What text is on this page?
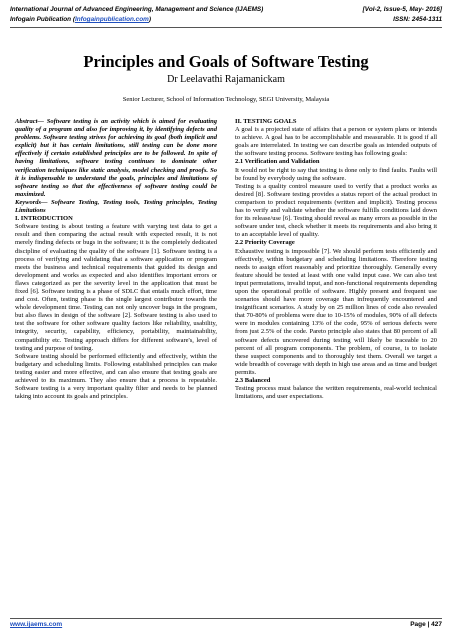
International Journal of Advanced Engineering, Management and Science (IJAEMS)	[Vol-2, Issue-5, May- 2016]
Infogain Publication (Infogainpublication.com)	ISSN: 2454-1311
Principles and Goals of Software Testing
Dr Leelavathi Rajamanickam
Senior Lecturer, School of Information Technology, SEGI University, Malaysia

Abstract— Software testing is an activity which is aimed for evaluating quality of a program and also for improving it, by identifying defects and problems. Software testing strives for achieving its goal (both implicit and explicit) but it has certain limitations, still testing can be done more effectively if certain established principles are to be followed. In spite of having limitations, software testing continues to dominate other verification techniques like static analysis, model checking and proofs. So it is indispensable to understand the goals, principles and limitations of software testing so that the effectiveness of software testing could be maximized.

Keywords— Software Testing, Testing tools, Testing principles, Testing Limitations

I. INTRODUCTION

Software testing is about testing a feature with varying test data to get a result and then comparing the actual result with expected result, it is not merely finding defects or bugs in the software; it is the completely dedicated discipline of evaluating the quality of the software [1]. Software testing is a process of verifying and validating that a software application or program meets the business and technical requirements that guided its design and development and works as expected and also identifies important errors or flaws categorized as per the severity level in the application that must be fixed [6]. Software testing is a phase of SDLC that entails much effort, time and cost. Often, testing phase is the single largest contributor towards the whole development time. Testing can not only uncover bugs in the program, but also flaws in design of the software [2]. Software testing is also used to test the software for other software quality factors like reliability, usability, integrity, security, capability, efficiency, portability, maintainability, compatibility etc. Testing approach differs for different software's, level of testing and purpose of testing.

Software testing should be performed efficiently and effectively, within the budgetary and scheduling limits. Following established principles can make testing easier and more effective, and can also ensure that testing goals are achieved to its maximum. They also ensure that a process is repeatable. Software testing is a very important quality filter and needs to be planned taking into account its goals and principles.

II. TESTING GOALS

A goal is a projected state of affairs that a person or system plans or intends to achieve. A goal has to be accomplishable and measurable. It is good if all goals are interrelated. In testing we can describe goals as intended outputs of the software testing process. Software testing has following goals:

2.1 Verification and Validation

It would not be right to say that testing is done only to find faults. Faults will be found by everybody using the software.

Testing is a quality control measure used to verify that a product works as desired [8]. Software testing provides a status report of the actual product in comparison to product requirements (written and implicit). Testing process has to verify and validate whether the software fulfills conditions laid down for its release/use [6]. Testing should reveal as many errors as possible in the software under test, check whether it meets its requirements and also bring it to an acceptable level of quality.

2.2 Priority Coverage

Exhaustive testing is impossible [7]. We should perform tests efficiently and effectively, within budgetary and scheduling limitations. Therefore testing needs to assign effort reasonably and prioritize thoroughly. Generally every feature should be tested at least with one valid input case. We can also test input permutations, invalid input, and non-functional requirements depending upon the operational profile of software. Highly present and frequent use scenarios should have more coverage than infrequently encountered and insignificant scenarios. A study by on 25 million lines of code also revealed that 70-80% of problems were due to 10-15% of modules, 90% of all defects were in modules containing 13% of the code, 95% of serious defects were from just 2.5% of the code. Pareto principle also states that 80 percent of all software defects uncovered during testing will likely be traceable to 20 percent of all program components. The problem, of course, is to isolate these suspect components and to thoroughly test them. Overall we target a wide breadth of coverage with depth in high use areas and as time and budget permits.

2.3 Balanced

Testing process must balance the written requirements, real-world technical limitations, and user expectations.

www.ijaems.com	Page | 427
